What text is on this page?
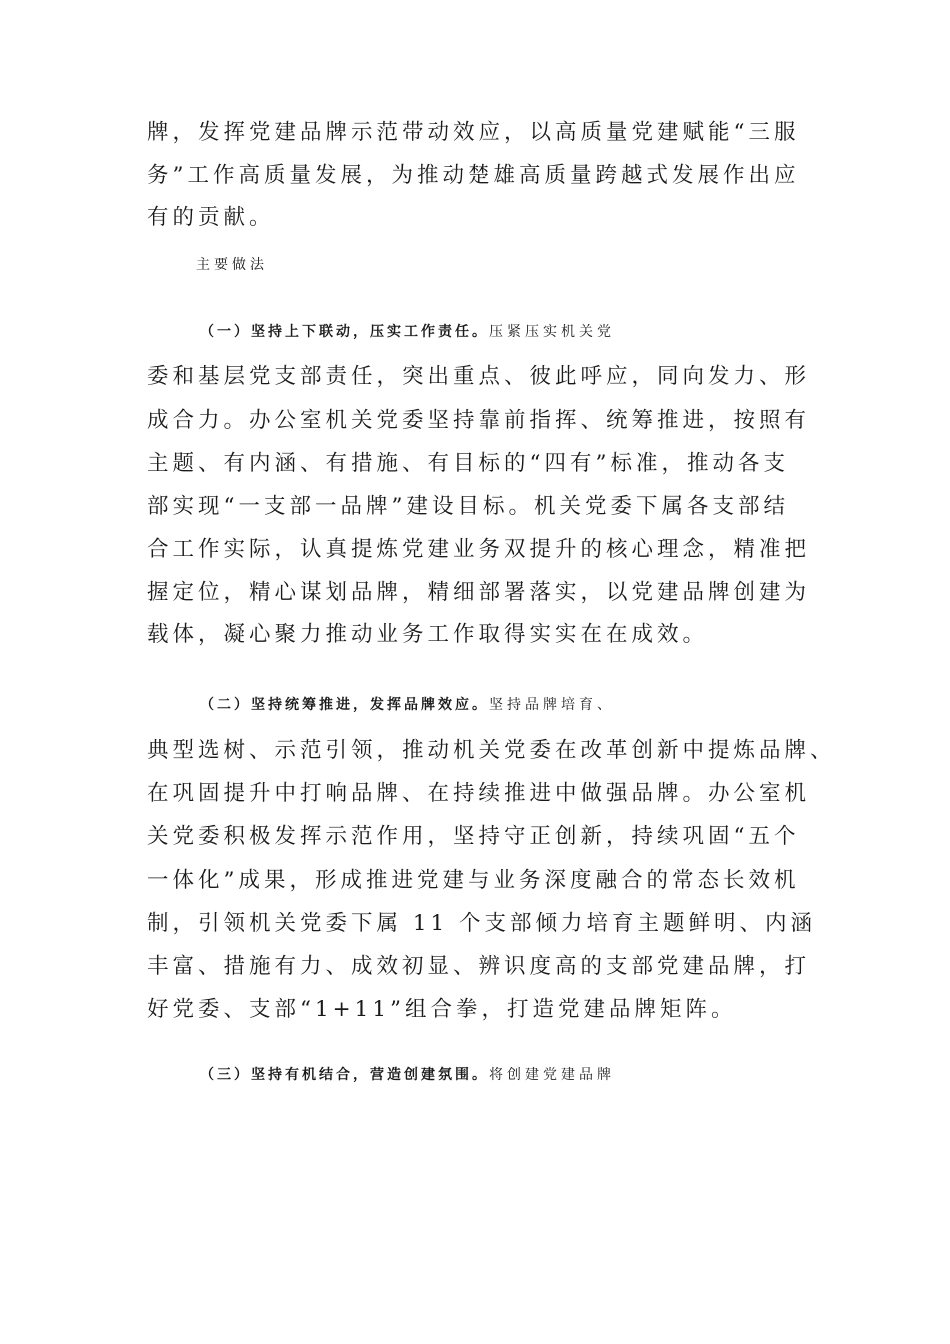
牌，发挥党建品牌示范带动效应，以高质量党建赋能“三服
务”工作高质量发展，为推动楚雄高质量跨越式发展作出应
有的贡献。
主要做法
（一）坚持上下联动，压实工作责任。压紧压实机关党
委和基层党支部责任，突出重点、彼此呼应，同向发力、形
成合力。办公室机关党委坚持靠前指挥、统筹推进，按照有
主题、有内涵、有措施、有目标的“四有”标准，推动各支
部实现“一支部一品牌”建设目标。机关党委下属各支部结
合工作实际，认真提炼党建业务双提升的核心理念，精准把
握定位，精心谋划品牌，精细部署落实，以党建品牌创建为
载体，凝心聚力推动业务工作取得实实在在成效。
（二）坚持统筹推进，发挥品牌效应。坚持品牌培育、
典型选树、示范引领，推动机关党委在改革创新中提炼品牌、
在巩固提升中打响品牌、在持续推进中做强品牌。办公室机
关党委积极发挥示范作用，坚持守正创新，持续巩固“五个
一体化”成果，形成推进党建与业务深度融合的常态长效机
制，引领机关党委下属 11 个支部倾力培育主题鲜明、内涵
丰富、措施有力、成效初显、辨识度高的支部党建品牌，打
好党委、支部“1+11”组合拳，打造党建品牌矩阵。
（三）坚持有机结合，营造创建氛围。将创建党建品牌
